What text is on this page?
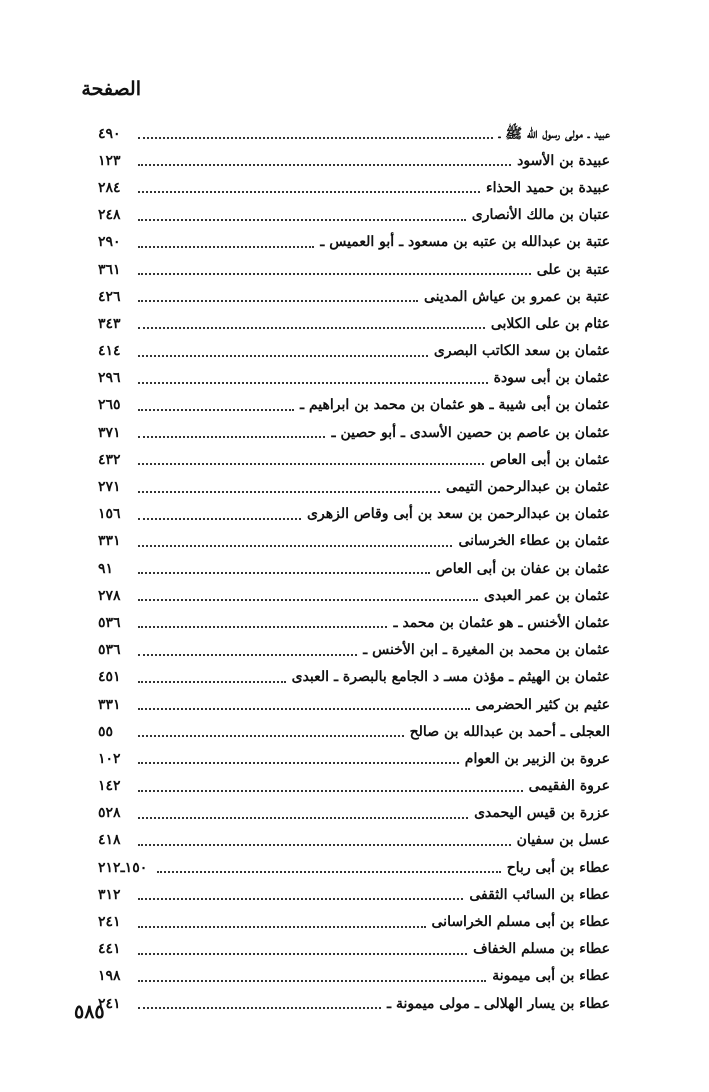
الصفحة
عبيد ـ مولى رسول الله ﷺ ـ
٤٩٠
عبيدة بن الأسود
١٢٣
عبيدة بن حميد الحذاء
٢٨٤
عتبان بن مالك الأنصارى
٢٤٨
عتبة بن عبدالله بن عتبه بن مسعود ـ أبو العميس ـ
٢٩٠
عتبة بن على
٣٦١
عتبة بن عمرو بن عياش المدينى
٤٢٦
عثام بن على الكلابى
٣٤٣
عثمان بن سعد الكاتب البصرى
٤١٤
عثمان بن أبى سودة
٢٩٦
عثمان بن أبى شيبة ـ هو عثمان بن محمد بن ابراهيم ـ
٢٦٥
عثمان بن عاصم بن حصين الأسدى ـ أبو حصين ـ
٣٧١
عثمان بن أبى العاص
٤٣٢
عثمان بن عبدالرحمن التيمى
٢٧١
عثمان بن عبدالرحمن بن سعد بن أبى وقاص الزهرى
١٥٦
عثمان بن عطاء الخرسانى
٣٣١
عثمان بن عفان بن أبى العاص
٩١
عثمان بن عمر العبدى
٢٧٨
عثمان الأخنس ـ هو عثمان بن محمد ـ
٥٣٦
عثمان بن محمد بن المغيرة ـ ابن الأخنس ـ
٥٣٦
عثمان بن الهيثم ـ مؤذن مسـ د الجامع بالبصرة ـ العبدى
٤٥١
عثيم بن كثير الحضرمى
٣٣١
العجلى ـ أحمد بن عبدالله بن صالح
٥٥
عروة بن الزبير بن العوام
١٠٢
عروة الفقيمى
١٤٢
عزرة بن قيس اليحمدى
٥٢٨
عسل بن سفيان
٤١٨
عطاء بن أبى رباح
١٥٠ـ٢١٢
عطاء بن السائب الثقفى
٣١٢
عطاء بن أبى مسلم الخراسانى
٢٤١
عطاء بن مسلم الخفاف
٤٤١
عطاء بن أبى ميمونة
١٩٨
عطاء بن يسار الهلالى ـ مولى ميمونة ـ
٢٤١
٥٨٥
